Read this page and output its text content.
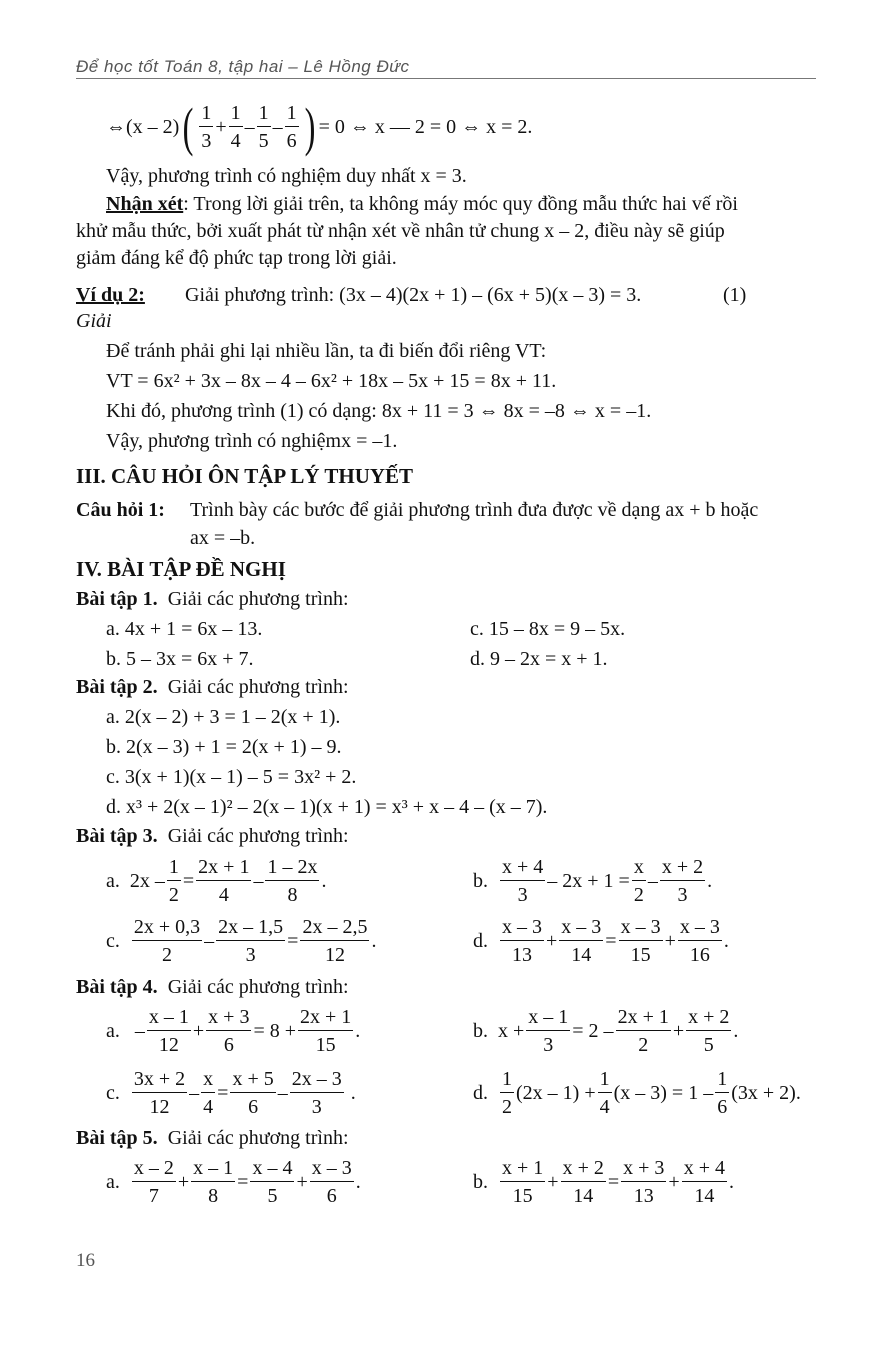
Để học tốt Toán 8, tập hai – Lê Hồng Đức
⇔(x – 2) ( 1
3
+
1
4
–
1
5
–
1
6 ) = 0 ⇔ x — 2 = 0 ⇔ x = 2.
Vậy, phương trình có nghiệm duy nhất x = 3.
Nhận xét: Trong lời giải trên, ta không máy móc quy đồng mẫu thức hai vế rồi
khử mẫu thức, bởi xuất phát từ nhận xét về nhân tử chung x – 2, điều này sẽ giúp
giảm đáng kể độ phức tạp trong lời giải.
Ví dụ 2: Giải phương trình: (3x – 4)(2x + 1) – (6x + 5)(x – 3) = 3.	(1)
Giải
Để tránh phải ghi lại nhiều lần, ta đi biến đổi riêng VT:
VT = 6x² + 3x – 8x – 4 – 6x² + 18x – 5x + 15 = 8x + 11.
Khi đó, phương trình (1) có dạng: 8x + 11 = 3 ⇔ 8x = –8 ⇔ x = –1.
Vậy, phương trình có nghiệmx = –1.
III. CÂU HỎI ÔN TẬP LÝ THUYẾT
Câu hỏi 1: Trình bày các bước để giải phương trình đưa được về dạng ax + b hoặc
ax = –b.
IV. BÀI TẬP ĐỀ NGHỊ
Bài tập 1. Giải các phương trình:
a. 4x + 1 = 6x – 13.	c. 15 – 8x = 9 – 5x.
b. 5 – 3x = 6x + 7.	d. 9 – 2x = x + 1.
Bài tập 2. Giải các phương trình:
a. 2(x – 2) + 3 = 1 – 2(x + 1).
b. 2(x – 3) + 1 = 2(x + 1) – 9.
c. 3(x + 1)(x – 1) – 5 = 3x² + 2.
d. x³ + 2(x – 1)² – 2(x – 1)(x + 1) = x³ + x – 4 – (x – 7).
Bài tập 3. Giải các phương trình:
a.  2x –
1
2
=
2x + 1
4
–
1 – 2x
8
.	b.
x + 4
3
– 2x + 1 =
x
2
–
x + 2
3
.
c.
2x + 0,3
2
–
2x – 1,5
3
=
2x – 2,5
12
.	d.
x – 3
13
+
x – 3
14
=
x – 3
15
+
x – 3
16
.
Bài tập 4. Giải các phương trình:
a.   –
x – 1
12
+
x + 3
6
= 8 +
2x + 1
15
.	b.  x +
x – 1
3
= 2 –
2x + 1
2
+
x + 2
5
.
c.
3x + 2
12
–
x
4
=
x + 5
6
–
2x – 3
3
.	d.
1
2
(2x – 1) +
1
4
(x – 3) = 1 –
1
6
(3x + 2).
Bài tập 5. Giải các phương trình:
a.
x – 2
7
+
x – 1
8
=
x – 4
5
+
x – 3
6
.	b.
x + 1
15
+
x + 2
14
=
x + 3
13
+
x + 4
14
.
16
